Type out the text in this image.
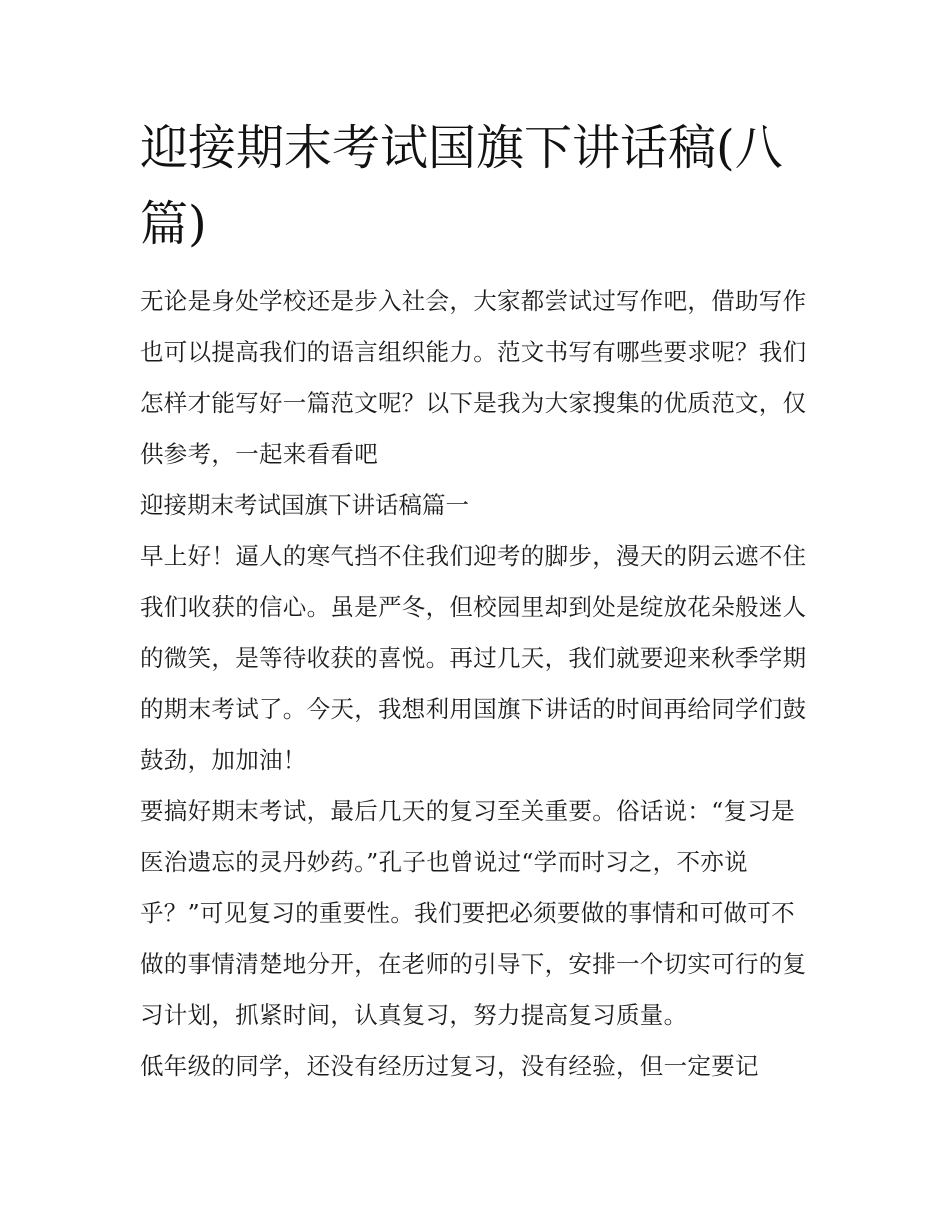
迎接期末考试国旗下讲话稿(八篇)

无论是身处学校还是步入社会，大家都尝试过写作吧，借助写作也可以提高我们的语言组织能力。范文书写有哪些要求呢？我们怎样才能写好一篇范文呢？以下是我为大家搜集的优质范文，仅供参考，一起来看看吧

迎接期末考试国旗下讲话稿篇一

早上好！逼人的寒气挡不住我们迎考的脚步，漫天的阴云遮不住我们收获的信心。虽是严冬，但校园里却到处是绽放花朵般迷人的微笑，是等待收获的喜悦。再过几天，我们就要迎来秋季学期的期末考试了。今天，我想利用国旗下讲话的时间再给同学们鼓鼓劲，加加油！

要搞好期末考试，最后几天的复习至关重要。俗话说：“复习是医治遗忘的灵丹妙药。”孔子也曾说过“学而时习之，不亦说乎？”可见复习的重要性。我们要把必须要做的事情和可做可不做的事情清楚地分开，在老师的引导下，安排一个切实可行的复习计划，抓紧时间，认真复习，努力提高复习质量。

低年级的同学，还没有经历过复习，没有经验，但一定要记
